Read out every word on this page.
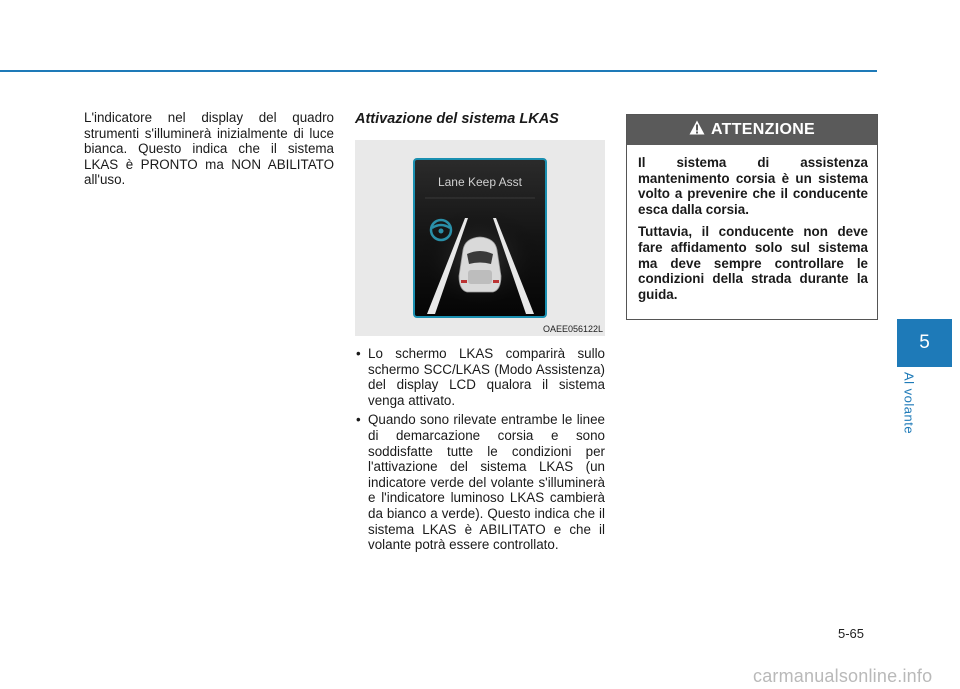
L'indicatore nel display del quadro strumenti s'illuminerà inizialmente di luce bianca. Questo indica che il sistema LKAS è PRONTO ma NON ABILITATO all'uso.
Attivazione del sistema LKAS
Lane Keep Asst
OAEE056122L
• Lo schermo LKAS comparirà sullo schermo SCC/LKAS (Modo Assistenza) del display LCD qualora il sistema venga attivato.
• Quando sono rilevate entrambe le linee di demarcazione corsia e sono soddisfatte tutte le condizioni per l'attivazione del sistema LKAS (un indicatore verde del volante s'illuminerà e l'indicatore luminoso LKAS cambierà da bianco a verde). Questo indica che il sistema LKAS è ABILITATO e che il volante potrà essere controllato.
ATTENZIONE

Il sistema di assistenza mantenimento corsia è un sistema volto a prevenire che il conducente esca dalla corsia.

Tuttavia, il conducente non deve fare affidamento solo sul sistema ma deve sempre controllare le condizioni della strada durante la guida.

5
Al volante
5-65
carmanualsonline.info
